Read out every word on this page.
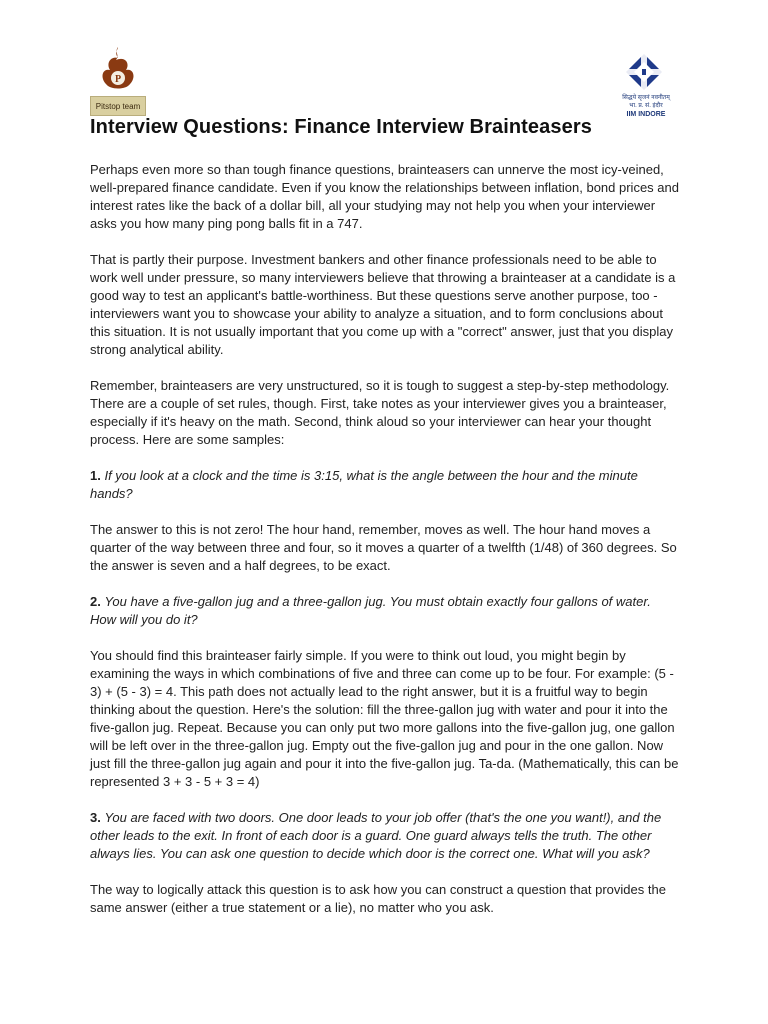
P
Pitstop team
सिद्धये सृजनं नवनीतम्
भा. प्र. सं. इंदौर
IIM INDORE
Interview Questions: Finance Interview Brainteasers

Perhaps even more so than tough finance questions, brainteasers can unnerve the most icy-veined, well-prepared finance candidate. Even if you know the relationships between inflation, bond prices and interest rates like the back of a dollar bill, all your studying may not help you when your interviewer asks you how many ping pong balls fit in a 747.

That is partly their purpose. Investment bankers and other finance professionals need to be able to work well under pressure, so many interviewers believe that throwing a brainteaser at a candidate is a good way to test an applicant's battle-worthiness. But these questions serve another purpose, too - interviewers want you to showcase your ability to analyze a situation, and to form conclusions about this situation. It is not usually important that you come up with a "correct" answer, just that you display strong analytical ability.

Remember, brainteasers are very unstructured, so it is tough to suggest a step-by-step methodology. There are a couple of set rules, though. First, take notes as your interviewer gives you a brainteaser, especially if it's heavy on the math. Second, think aloud so your interviewer can hear your thought process. Here are some samples:

1. If you look at a clock and the time is 3:15, what is the angle between the hour and the minute hands?

The answer to this is not zero! The hour hand, remember, moves as well. The hour hand moves a quarter of the way between three and four, so it moves a quarter of a twelfth (1/48) of 360 degrees. So the answer is seven and a half degrees, to be exact.

2. You have a five-gallon jug and a three-gallon jug. You must obtain exactly four gallons of water. How will you do it?

You should find this brainteaser fairly simple. If you were to think out loud, you might begin by examining the ways in which combinations of five and three can come up to be four. For example: (5 - 3) + (5 - 3) = 4. This path does not actually lead to the right answer, but it is a fruitful way to begin thinking about the question. Here's the solution: fill the three-gallon jug with water and pour it into the five-gallon jug. Repeat. Because you can only put two more gallons into the five-gallon jug, one gallon will be left over in the three-gallon jug. Empty out the five-gallon jug and pour in the one gallon. Now just fill the three-gallon jug again and pour it into the five-gallon jug. Ta-da. (Mathematically, this can be represented 3 + 3 - 5 + 3 = 4)

3. You are faced with two doors. One door leads to your job offer (that's the one you want!), and the other leads to the exit. In front of each door is a guard. One guard always tells the truth. The other always lies. You can ask one question to decide which door is the correct one. What will you ask?

The way to logically attack this question is to ask how you can construct a question that provides the same answer (either a true statement or a lie), no matter who you ask.
